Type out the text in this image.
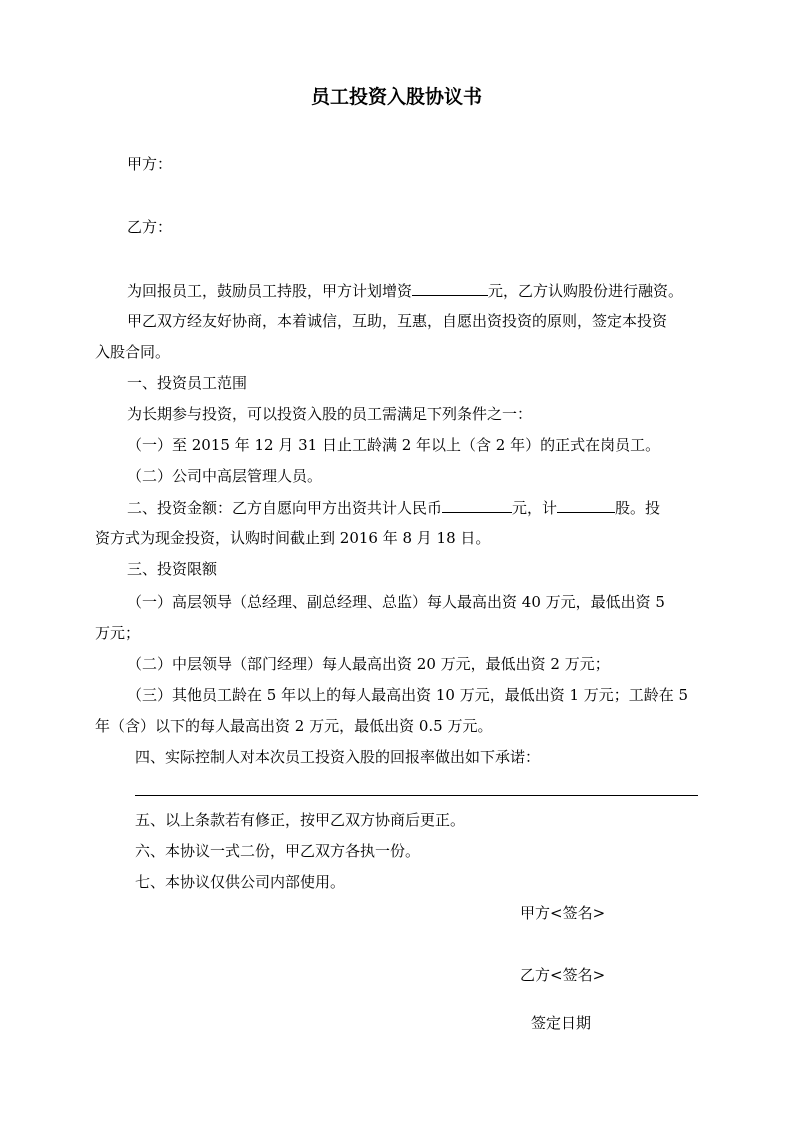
员工投资入股协议书
甲方：
乙方：
为回报员工，鼓励员工持股，甲方计划增资	元，乙方认购股份进行融资。
甲乙双方经友好协商，本着诚信，互助，互惠，自愿出资投资的原则，签定本投资
入股合同。
一、投资员工范围
为长期参与投资，可以投资入股的员工需满足下列条件之一：
（一）至 2015 年 12 月 31 日止工龄满 2 年以上（含 2 年）的正式在岗员工。
（二）公司中高层管理人员。
二、投资金额：乙方自愿向甲方出资共计人民币	元，计	股。投
资方式为现金投资，认购时间截止到 2016 年 8 月 18 日。
三、投资限额
（一）高层领导（总经理、副总经理、总监）每人最高出资 40 万元，最低出资 5
万元；
（二）中层领导（部门经理）每人最高出资 20 万元，最低出资 2 万元；
（三）其他员工龄在 5 年以上的每人最高出资 10 万元，最低出资 1 万元；工龄在 5
年（含）以下的每人最高出资 2 万元，最低出资 0.5 万元。
四、实际控制人对本次员工投资入股的回报率做出如下承诺：
五、以上条款若有修正，按甲乙双方协商后更正。
六、本协议一式二份，甲乙双方各执一份。
七、本协议仅供公司内部使用。
甲方<签名>
乙方<签名>
签定日期
